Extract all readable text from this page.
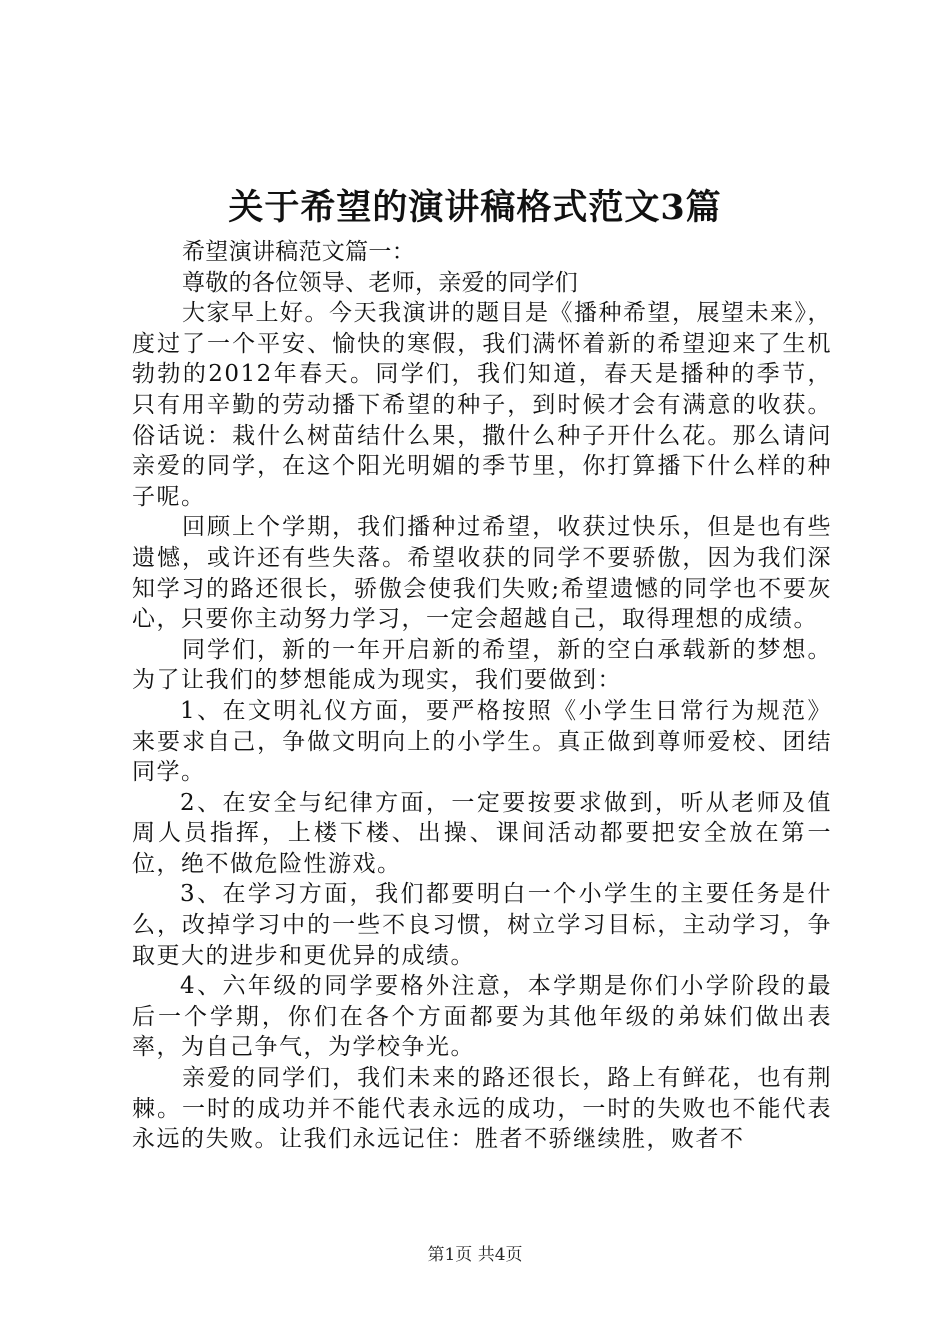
关于希望的演讲稿格式范文3篇

希望演讲稿范文篇一：

尊敬的各位领导、老师，亲爱的同学们

大家早上好。今天我演讲的题目是《播种希望，展望未来》，度过了一个平安、愉快的寒假，我们满怀着新的希望迎来了生机勃勃的2012年春天。同学们，我们知道，春天是播种的季节，只有用辛勤的劳动播下希望的种子，到时候才会有满意的收获。俗话说：栽什么树苗结什么果，撒什么种子开什么花。那么请问亲爱的同学，在这个阳光明媚的季节里，你打算播下什么样的种子呢。

回顾上个学期，我们播种过希望，收获过快乐，但是也有些遗憾，或许还有些失落。希望收获的同学不要骄傲，因为我们深知学习的路还很长，骄傲会使我们失败;希望遗憾的同学也不要灰心，只要你主动努力学习，一定会超越自己，取得理想的成绩。

同学们，新的一年开启新的希望，新的空白承载新的梦想。为了让我们的梦想能成为现实，我们要做到：

1、在文明礼仪方面，要严格按照《小学生日常行为规范》来要求自己，争做文明向上的小学生。真正做到尊师爱校、团结同学。

2、在安全与纪律方面，一定要按要求做到，听从老师及值周人员指挥，上楼下楼、出操、课间活动都要把安全放在第一位，绝不做危险性游戏。

3、在学习方面，我们都要明白一个小学生的主要任务是什么，改掉学习中的一些不良习惯，树立学习目标，主动学习，争取更大的进步和更优异的成绩。

4、六年级的同学要格外注意，本学期是你们小学阶段的最后一个学期，你们在各个方面都要为其他年级的弟妹们做出表率，为自己争气，为学校争光。

亲爱的同学们，我们未来的路还很长，路上有鲜花，也有荆棘。一时的成功并不能代表永远的成功，一时的失败也不能代表永远的失败。让我们永远记住：胜者不骄继续胜，败者不

第1页 共4页
